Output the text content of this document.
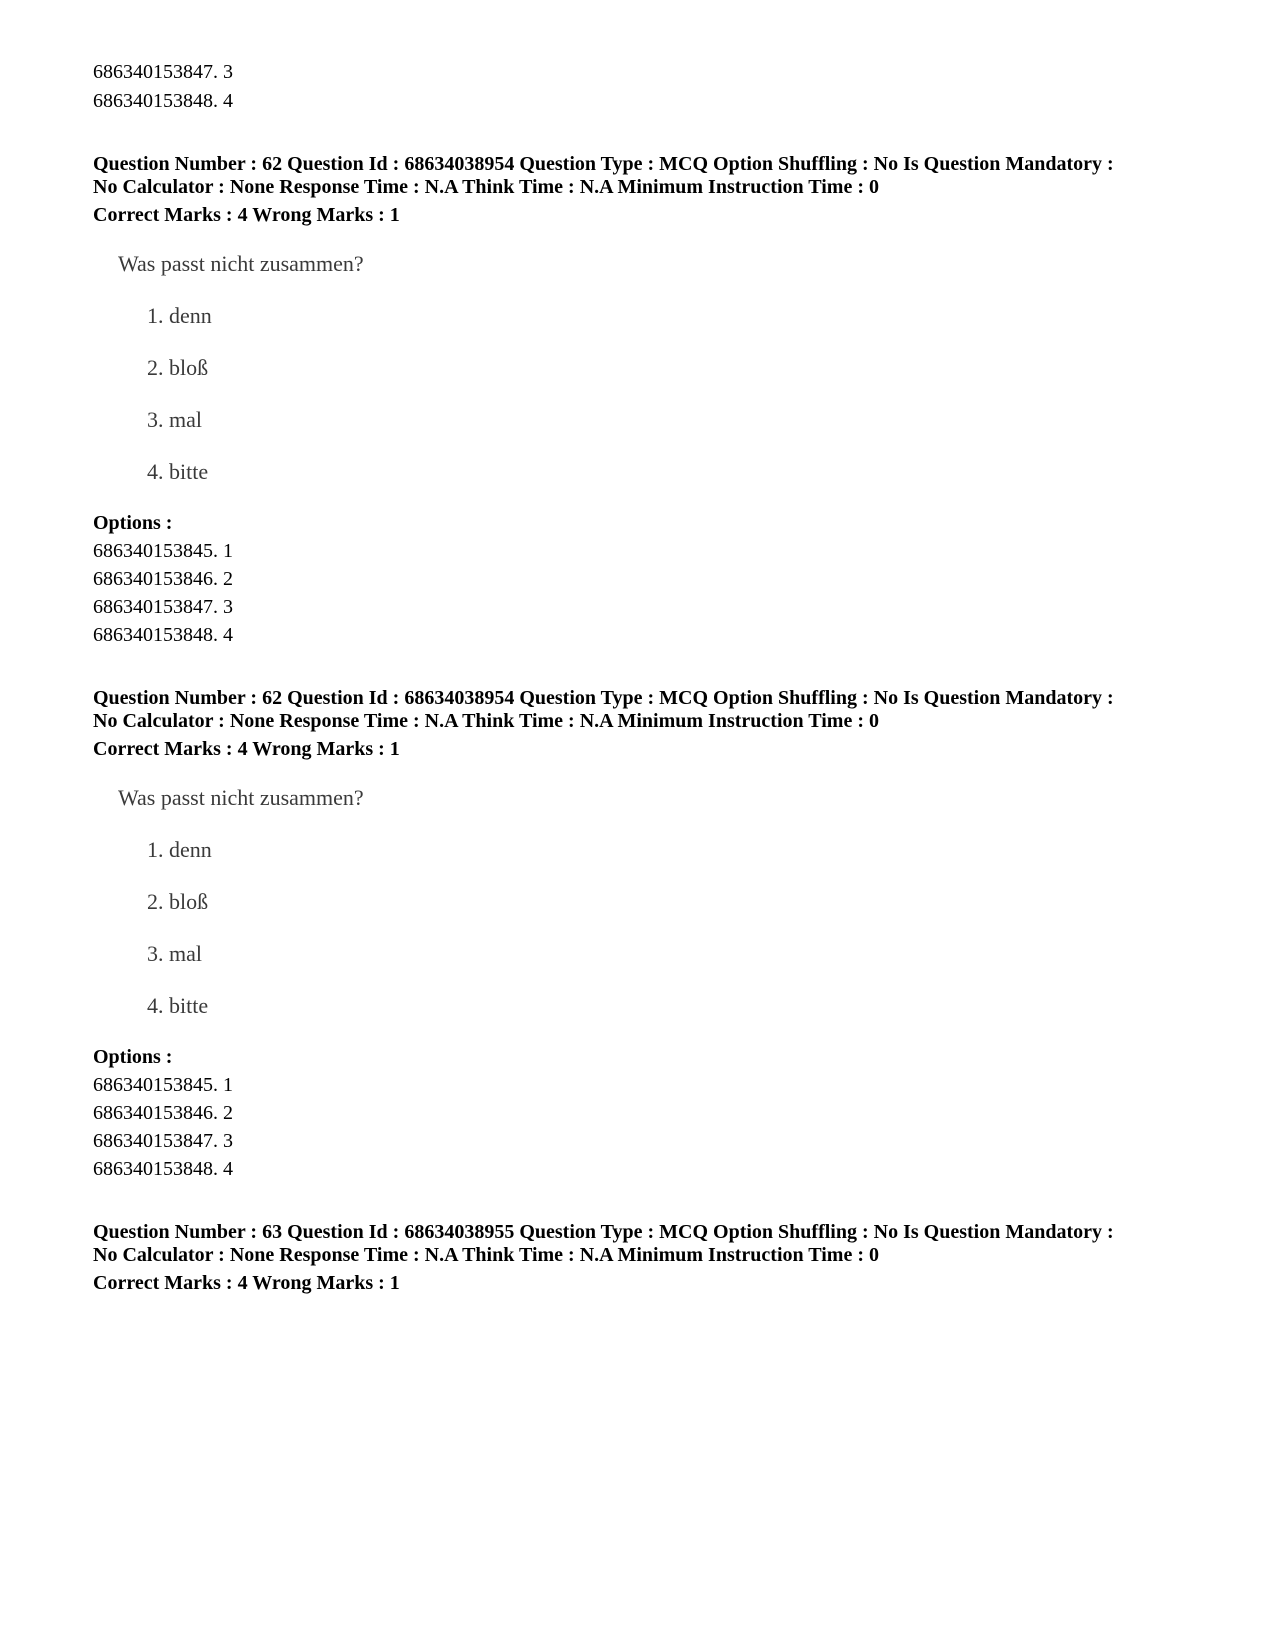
686340153847. 3
686340153848. 4
Question Number : 62 Question Id : 68634038954 Question Type : MCQ Option Shuffling : No Is Question Mandatory :
No Calculator : None Response Time : N.A Think Time : N.A Minimum Instruction Time : 0
Correct Marks : 4 Wrong Marks : 1
Was passt nicht zusammen?
1. denn
2. bloß
3. mal
4. bitte
Options :
686340153845. 1
686340153846. 2
686340153847. 3
686340153848. 4
Question Number : 62 Question Id : 68634038954 Question Type : MCQ Option Shuffling : No Is Question Mandatory :
No Calculator : None Response Time : N.A Think Time : N.A Minimum Instruction Time : 0
Correct Marks : 4 Wrong Marks : 1
Was passt nicht zusammen?
1. denn
2. bloß
3. mal
4. bitte
Options :
686340153845. 1
686340153846. 2
686340153847. 3
686340153848. 4
Question Number : 63 Question Id : 68634038955 Question Type : MCQ Option Shuffling : No Is Question Mandatory :
No Calculator : None Response Time : N.A Think Time : N.A Minimum Instruction Time : 0
Correct Marks : 4 Wrong Marks : 1
